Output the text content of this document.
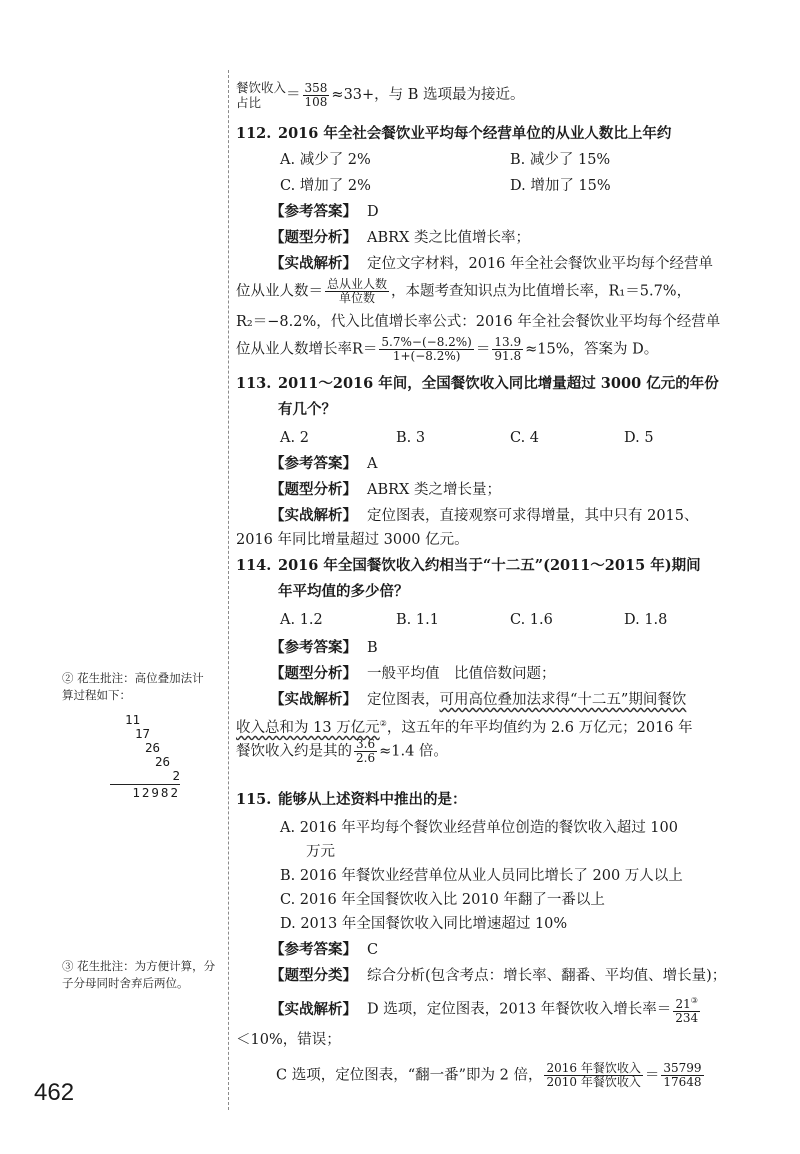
餐饮收入
占比	＝ $\frac{358}{108} \approx 33+$，与 B 选项最为接近。
112. 2016 年全社会餐饮业平均每个经营单位的从业人数比上年约
A. 减少了 2%	B. 减少了 15%
C. 增加了 2%	D. 增加了 15%
【参考答案】 D
【题型分析】 ABRX 类之比值增长率；
【实战解析】 定位文字材料，2016 年全社会餐饮业平均每个经营单
位从业人数＝ $\frac{\text{总从业人数}}{\text{单位数}}$ ，本题考查知识点为比值增长率，R₁＝5.7%，
R₂＝−8.2%，代入比值增长率公式：2016 年全社会餐饮业平均每个经营单
位从业人数增长率$R= \frac{5.7\%-(-8.2\%)}{1+(-8.2\%)} = \frac{13.9}{91.8} \approx 15\%$，答案为 D。
113. 2011～2016 年间，全国餐饮收入同比增量超过 3000 亿元的年份
有几个？
A. 2	B. 3	C. 4	D. 5
【参考答案】 A
【题型分析】 ABRX 类之增长量；
【实战解析】 定位图表，直接观察可求得增量，其中只有 2015、
2016 年同比增量超过 3000 亿元。
114. 2016 年全国餐饮收入约相当于“十二五”(2011～2015 年)期间
年平均值的多少倍？
A. 1.2	B. 1.1	C. 1.6	D. 1.8
【参考答案】 B
【题型分析】 一般平均值　比值倍数问题；
【实战解析】 定位图表，可用高位叠加法求得“十二五”期间餐饮
收入总和为 13 万亿元②，这五年的年平均值约为 2.6 万亿元；2016 年
餐饮收入约是其的 $\frac{3.6}{2.6} \approx 1.4$ 倍。
115. 能够从上述资料中推出的是：
A. 2016 年平均每个餐饮业经营单位创造的餐饮收入超过 100
万元
B. 2016 年餐饮业经营单位从业人员同比增长了 200 万人以上
C. 2016 年全国餐饮收入比 2010 年翻了一番以上
D. 2013 年全国餐饮收入同比增速超过 10%
【参考答案】 C
【题型分类】 综合分析(包含考点：增长率、翻番、平均值、增长量)；
【实战解析】 D 选项，定位图表，2013 年餐饮收入增长率＝ $\frac{21^③}{234}$
＜10%，错误；
C 选项，定位图表，“翻一番”即为 2 倍， $\frac{\text{2016 年餐饮收入}}{\text{2010 年餐饮收入}} = \frac{35799}{17648}$
② 花生批注：高位叠加法计
算过程如下：
11
17
26
26
2
12982
③ 花生批注：为方便计算，分
子分母同时舍弃后两位。
462
